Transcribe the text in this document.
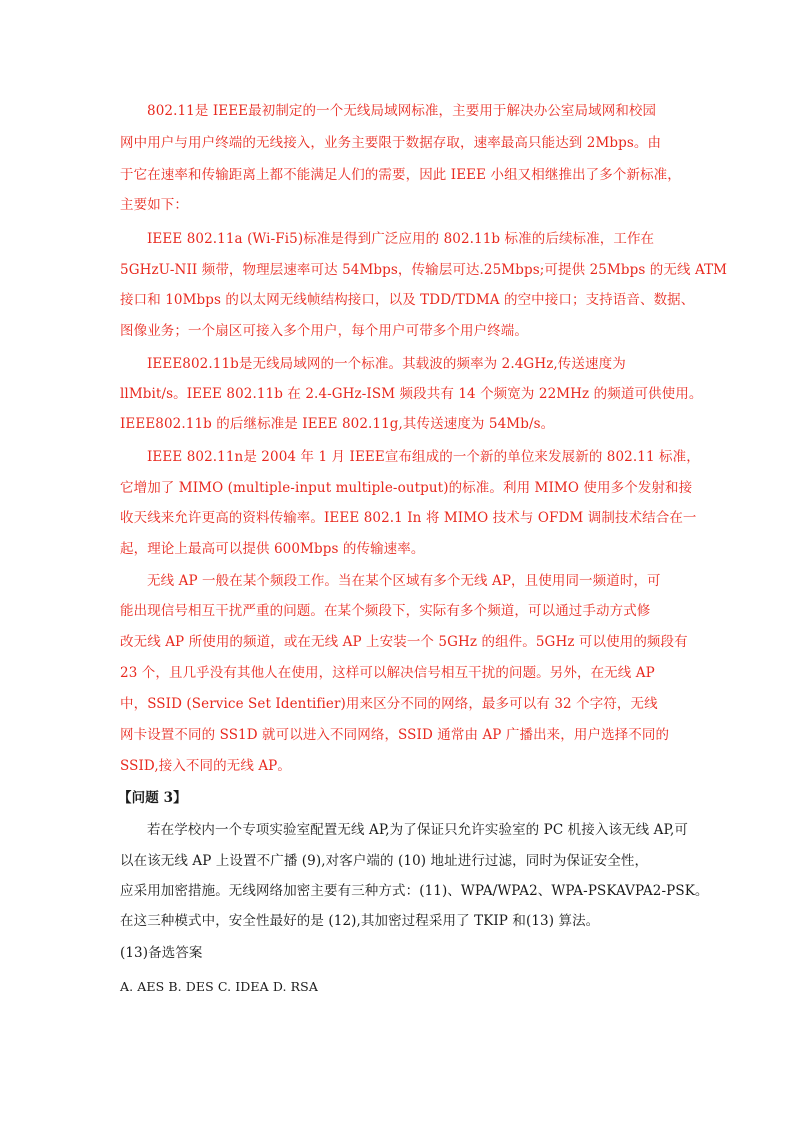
802.11是 IEEE最初制定的一个无线局域网标准，主要用于解决办公室局域网和校园
网中用户与用户终端的无线接入，业务主要限于数据存取，速率最高只能达到 2Mbps。由
于它在速率和传输距离上都不能满足人们的需要，因此 IEEE 小组又相继推出了多个新标准，
主要如下：
IEEE 802.11a (Wi-Fi5)标准是得到广泛应用的 802.11b 标准的后续标准，工作在
5GHzU-NII 频带，物理层速率可达 54Mbps，传输层可达.25Mbps;可提供 25Mbps 的无线 ATM
接口和 10Mbps 的以太网无线帧结构接口，以及 TDD/TDMA 的空中接口；支持语音、数据、
图像业务；一个扇区可接入多个用户，每个用户可带多个用户终端。
IEEE802.11b是无线局域网的一个标准。其载波的频率为 2.4GHz,传送速度为
llMbit/s。IEEE 802.11b 在 2.4-GHz-ISM 频段共有 14 个频宽为 22MHz 的频道可供使用。
IEEE802.11b 的后继标准是 IEEE 802.11g,其传送速度为 54Mb/s。
IEEE 802.11n是 2004 年 1 月 IEEE宣布组成的一个新的单位来发展新的 802.11 标准，
它增加了 MIMO (multiple-input multiple-output)的标准。利用 MIMO 使用多个发射和接
收天线来允许更高的资料传输率。IEEE 802.1 In 将 MIMO 技术与 OFDM 调制技术结合在一
起，理论上最高可以提供 600Mbps 的传输速率。
无线 AP 一般在某个频段工作。当在某个区域有多个无线 AP，且使用同一频道时，可
能出现信号相互干扰严重的问题。在某个频段下，实际有多个频道，可以通过手动方式修
改无线 AP 所使用的频道，或在无线 AP 上安装一个 5GHz 的组件。5GHz 可以使用的频段有
23 个，且几乎没有其他人在使用，这样可以解决信号相互干扰的问题。另外，在无线 AP
中，SSID (Service Set Identifier)用来区分不同的网络，最多可以有 32 个字符，无线
网卡设置不同的 SS1D 就可以进入不同网络，SSID 通常由 AP 广播出来，用户选择不同的
SSID,接入不同的无线 AP。
【问题 3】
若在学校内一个专项实验室配置无线 AP,为了保证只允许实验室的 PC 机接入该无线 AP,可
以在该无线 AP 上设置不广播 (9),对客户端的 (10) 地址进行过滤，同时为保证安全性，
应采用加密措施。无线网络加密主要有三种方式：(11)、WPA/WPA2、WPA-PSKAVPA2-PSK。
在这三种模式中，安全性最好的是 (12),其加密过程采用了 TKIP 和(13) 算法。
(13)备选答案
A. AES B. DES C. IDEA D. RSA
